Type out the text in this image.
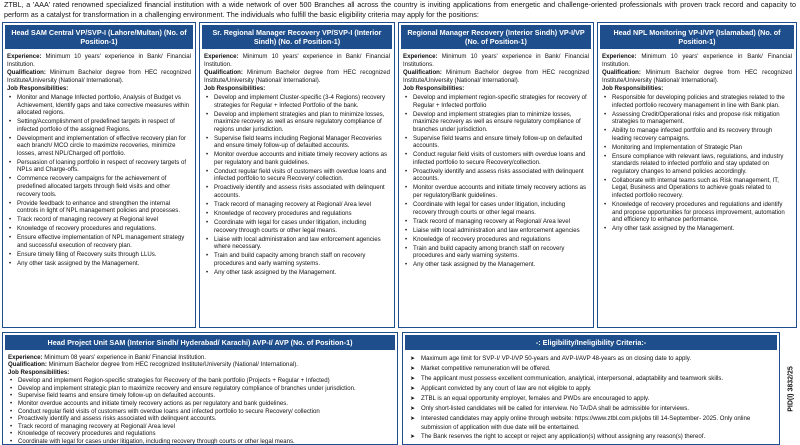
ZTBL, a 'AAA' rated renowned specialized financial institution with a wide network of over 500 Branches all across the country is inviting applications from energetic and challenge-oriented professionals with proven track record and capacity to perform as a catalyst for transformation in a challenging environment. The individuals who fulfill the basic eligibility criteria may apply for the positions:
Head SAM Central VP/SVP-I (Lahore/Multan) (No. of Position-1)

Experience: Minimum 10 years' experience in Bank/ Financial Institution.

Qualification: Minimum Bachelor degree from HEC recognized Institute/University (National/ International).

Job Responsibilities:

• Monitor and Manage Infected portfolio, Analysis of Budget vs Achievement, Identify gaps and take corrective measures within allocated regions.
• Setting/Accomplishment of predefined targets in respect of infected portfolio of the assigned Regions.
• Development and implementation of effective recovery plan for each branch/ MCO circle to maximize recoveries, minimize losses, arrest NPL/Charged off portfolio.
• Persuasion of loaning portfolio in respect of recovery targets of NPLs and Charge-offs.
• Commence recovery campaigns for the achievement of predefined allocated targets through field visits and other recovery tools.
• Provide feedback to enhance and strengthen the internal controls in light of NPL management policies and processes.
• Track record of managing recovery at Regional level
• Knowledge of recovery procedures and regulations.
• Ensure effective implementation of NPL management strategy and successful execution of recovery plan.
• Ensure timely filing of Recovery suits through LLUs.
• Any other task assigned by the Management.
Sr. Regional Manager Recovery VP/SVP-I (Interior Sindh) (No. of Position-1)

Experience: Minimum 10 years' experience in Bank/ Financial Institution.

Qualification: Minimum Bachelor degree from HEC recognized Institute/University (National/ International).

Job Responsibilities:

• Develop and implement Cluster-specific (3-4 Regions) recovery strategies for Regular + Infected Portfolio of the bank.
• Develop and implement strategies and plan to minimize losses, maximize recovery as well as ensure regulatory compliance of regions under jurisdiction.
• Supervise field teams including Regional Manager Recoveries and ensure timely follow-up of defaulted accounts.
• Monitor overdue accounts and initiate timely recovery actions as per regulatory and bank guidelines.
• Conduct regular field visits of customers with overdue loans and infected portfolio to secure Recovery/ collection.
• Proactively identify and assess risks associated with delinquent accounts.
• Track record of managing recovery at Regional/ Area level
• Knowledge of recovery procedures and regulations
• Coordinate with legal for cases under litigation, including recovery through courts or other legal means.
• Liaise with local administration and law enforcement agencies where necessary.
• Train and build capacity among branch staff on recovery procedures and early warning systems.
• Any other task assigned by the Management.
Regional Manager Recovery (Interior Sindh) VP-I/VP (No. of Position-1)

Experience: Minimum 10 years' experience in Bank/ Financial Institutions.

Qualification: Minimum Bachelor degree from HEC recognized Institute/University (National/ International).

Job Responsibilities:

• Develop and implement region-specific strategies for recovery of Regular + Infected portfolio
• Develop and implement strategies plan to minimize losses, maximize recovery as well as ensure regulatory compliance of branches under jurisdiction.
• Supervise field teams and ensure timely follow-up on defaulted accounts.
• Conduct regular field visits of customers with overdue loans and infected portfolio to secure Recovery/collection.
• Proactively identify and assess risks associated with delinquent accounts.
• Monitor overdue accounts and initiate timely recovery actions as per regulatory/Bank guidelines.
• Coordinate with legal for cases under litigation, including recovery through courts or other legal means.
• Track record of managing recovery at Regional/ Area level
• Liaise with local administration and law enforcement agencies
• Knowledge of recovery procedures and regulations
• Train and build capacity among branch staff on recovery procedures and early warning systems.
• Any other task assigned by the Management.
Head NPL Monitoring VP-I/VP (Islamabad) (No. of Position-1)

Experience: Minimum 10 years' experience in Bank/ Financial Institution.

Qualification: Minimum Bachelor degree from HEC recognized Institute/University (National/ International).

Job Responsibilities:

• Responsible for developing policies and strategies related to the infected portfolio recovery management in line with Bank plan.
• Assessing Credit/Operational risks and propose risk mitigation strategies to management.
• Ability to manage infected portfolio and its recovery through leading recovery campaigns.
• Monitoring and Implementation of Strategic Plan
• Ensure compliance with relevant laws, regulations, and industry standards related to infected portfolio and stay updated on regulatory changes to amend policies accordingly.
• Collaborate with internal teams such as Risk management, IT, Legal, Business and Operations to achieve goals related to infected portfolio recovery.
• Knowledge of recovery procedures and regulations and identify and propose opportunities for process improvement, automation and efficiency to enhance performance.
• Any other task assigned by the Management.
Head Project Unit SAM (Interior Sindh/ Hyderabad/ Karachi) AVP-I/ AVP (No. of Position-1)

Experience: Minimum 08 years' experience in Bank/ Financial Institution.

Qualification: Minimum Bachelor degree from HEC recognized Institute/University (National/ International).

Job Responsibilities:

• Develop and implement Region-specific strategies for Recovery of the bank portfolio (Projects + Regular + Infected)
• Develop and implement strategic plan to maximize recovery and ensure regulatory compliance of branches under jurisdiction.
• Supervise field teams and ensure timely follow-up on defaulted accounts.
• Monitor overdue accounts and initiate timely recovery actions as per regulatory and bank guidelines.
• Conduct regular field visits of customers with overdue loans and infected portfolio to secure Recovery/ collection
• Proactively identify and assess risks associated with delinquent accounts.
• Track record of managing recovery at Regional/ Area level
• Knowledge of recovery procedures and regulations
• Coordinate with legal for cases under litigation, including recovery through courts or other legal means.
-: Eligibility/Ineligibility Criteria:-
➤ Maximum age limit for SVP-I/ VP-I/VP 50-years and AVP-I/AVP 48-years as on closing date to apply.
➤ Market competitive remuneration will be offered.
➤ The applicant must possess excellent communication, analytical, interpersonal, adaptability and teamwork skills.
➤ Applicant convicted by any court of law are not eligible to apply.
➤ ZTBL is an equal opportunity employer, females and PWDs are encouraged to apply.
➤ Only short-listed candidates will be called for interview. No TA/DA shall be admissible for interviews.
➤ Interested candidates may apply online through website: https://www.ztbl.com.pk/jobs till 14-September- 2025. Only online submission of application with due date will be entertained.
➤ The Bank reserves the right to accept or reject any application(s) without assigning any reason(s) thereof.
PID(I) 3832/25
